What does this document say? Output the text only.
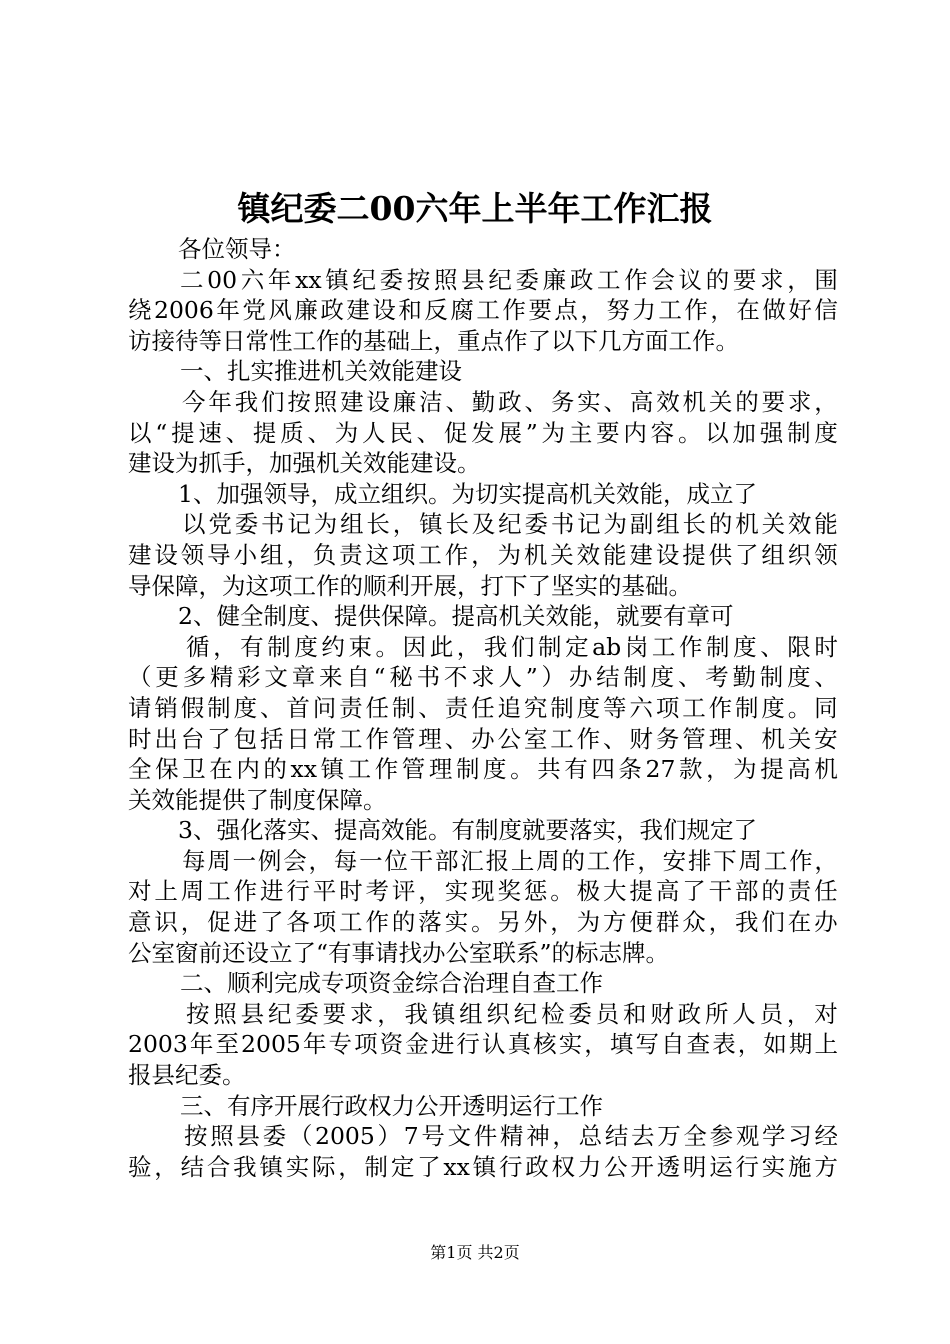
镇纪委二00六年上半年工作汇报
各位领导：
二 00 六 年 xx 镇 纪 委 按 照 县 纪 委 廉 政 工 作 会 议 的 要 求 ， 围
绕 2006 年 党 风 廉 政 建 设 和 反 腐 工 作 要 点 ， 努 力 工 作 ， 在 做 好 信
访接待等日常性工作的基础上，重点作了以下几方面工作。
一、扎实推进机关效能建设
今 年 我 们 按 照 建 设 廉 洁 、 勤 政 、 务 实 、 高 效 机 关 的 要 求 ，
以 “ 提 速 、 提 质 、 为 人 民 、 促 发 展 ” 为 主 要 内 容 。 以 加 强 制 度
建设为抓手，加强机关效能建设。
1、加强领导，成立组织。为切实提高机关效能，成立了
以 党 委 书 记 为 组 长 ， 镇 长 及 纪 委 书 记 为 副 组 长 的 机 关 效 能
建 设 领 导 小 组 ， 负 责 这 项 工 作 ， 为 机 关 效 能 建 设 提 供 了 组 织 领
导保障，为这项工作的顺利开展，打下了坚实的基础。
2、健全制度、提供保障。提高机关效能，就要有章可
循 ， 有 制 度 约 束 。 因 此 ， 我 们 制 定 ab 岗 工 作 制 度 、 限 时
（ 更 多 精 彩 文 章 来 自 “ 秘 书 不 求 人 ” ） 办 结 制 度 、 考 勤 制 度 、
请 销 假 制 度 、 首 问 责 任 制 、 责 任 追 究 制 度 等 六 项 工 作 制 度 。 同
时 出 台 了 包 括 日 常 工 作 管 理 、 办 公 室 工 作 、 财 务 管 理 、 机 关 安
全 保 卫 在 内 的 xx 镇 工 作 管 理 制 度 。 共 有 四 条 27 款 ， 为 提 高 机
关效能提供了制度保障。
3、强化落实、提高效能。有制度就要落实，我们规定了
每 周 一 例 会 ， 每 一 位 干 部 汇 报 上 周 的 工 作 ， 安 排 下 周 工 作 ，
对 上 周 工 作 进 行 平 时 考 评 ， 实 现 奖 惩 。 极 大 提 高 了 干 部 的 责 任
意 识 ， 促 进 了 各 项 工 作 的 落 实 。 另 外 ， 为 方 便 群 众 ， 我 们 在 办
公室窗前还设立了“有事请找办公室联系”的标志牌。
二、顺利完成专项资金综合治理自查工作
按 照 县 纪 委 要 求 ， 我 镇 组 织 纪 检 委 员 和 财 政 所 人 员 ， 对
2003 年 至 2005 年 专 项 资 金 进 行 认 真 核 实 ， 填 写 自 查 表 ， 如 期 上
报县纪委。
三、有序开展行政权力公开透明运行工作
按 照 县 委 （ 2005 ） 7 号 文 件 精 神 ， 总 结 去 万 全 参 观 学 习 经
验 ， 结 合 我 镇 实 际 ， 制 定 了 xx 镇 行 政 权 力 公 开 透 明 运 行 实 施 方
第1页 共2页
